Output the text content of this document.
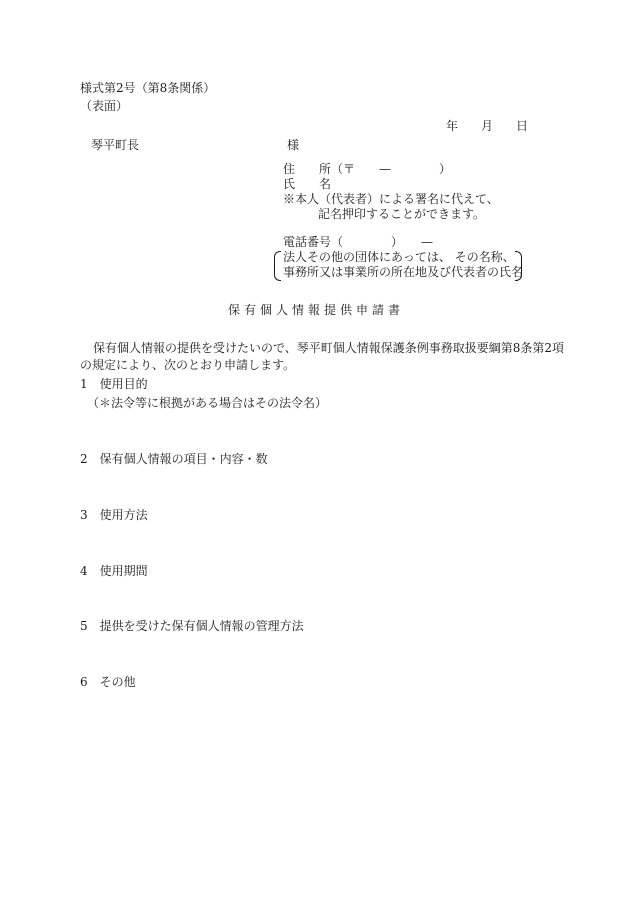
様式第2号（第8条関係）
（表面）
年 月 日
琴平町長	様
住　　所（〒　　—　　　　）
氏　　名
※本人（代表者）による署名に代えて、
記名押印することができます。
電話番号（　　　　）　　—
法人その他の団体にあっては、 その名称、
事務所又は事業所の所在地及び代表者の氏名
保有個人情報提供申請書
保有個人情報の提供を受けたいので、琴平町個人情報保護条例事務取扱要綱第8条第2項
の規定により、次のとおり申請します。
1　使用目的
（＊法令等に根拠がある場合はその法令名）
2　保有個人情報の項目・内容・数
3　使用方法
4　使用期間
5　提供を受けた保有個人情報の管理方法
6　その他
